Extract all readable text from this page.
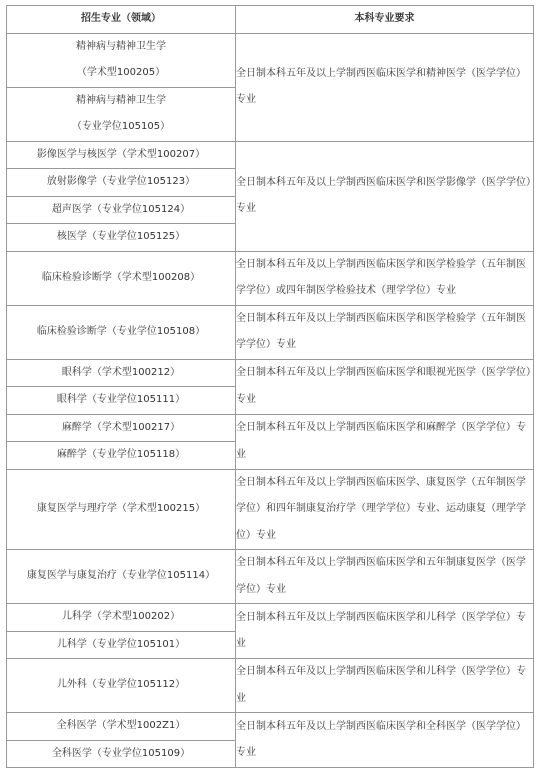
招生专业（领域）	本科专业要求

精神病与精神卫生学
（学术型100205）	全日制本科五年及以上学制西医临床医学和精神医学（医学学位）专业

精神病与精神卫生学
（专业学位105105）	

影像医学与核医学（学术型100207）	全日制本科五年及以上学制西医临床医学和医学影像学（医学学位）专业

放射影像学（专业学位105123）	

超声医学（专业学位105124）	

核医学（专业学位105125）	

临床检验诊断学（学术型100208）	全日制本科五年及以上学制西医临床医学和医学检验学（五年制医学学位）或四年制医学检验技术（理学学位）专业

临床检验诊断学（专业学位105108）	全日制本科五年及以上学制西医临床医学和医学检验学（五年制医学学位）专业

眼科学（学术型100212）	全日制本科五年及以上学制西医临床医学和眼视光医学（医学学位）专业

眼科学（专业学位105111）	

麻醉学（学术型100217）	全日制本科五年及以上学制西医临床医学和麻醉学（医学学位）专业

麻醉学（专业学位105118）	

康复医学与理疗学（学术型100215）	全日制本科五年及以上学制西医临床医学、康复医学（五年制医学学位）和四年制康复治疗学（理学学位）专业、运动康复（理学学位）专业

康复医学与康复治疗（专业学位105114）	全日制本科五年及以上学制西医临床医学和五年制康复医学（医学学位）专业

儿科学（学术型100202）	全日制本科五年及以上学制西医临床医学和儿科学（医学学位）专业

儿科学（专业学位105101）	

儿外科（专业学位105112）	全日制本科五年及以上学制西医临床医学和儿科学（医学学位）专业

全科医学（学术型1002Z1）	全日制本科五年及以上学制西医临床医学和全科医学（医学学位）专业

全科医学（专业学位105109）	
